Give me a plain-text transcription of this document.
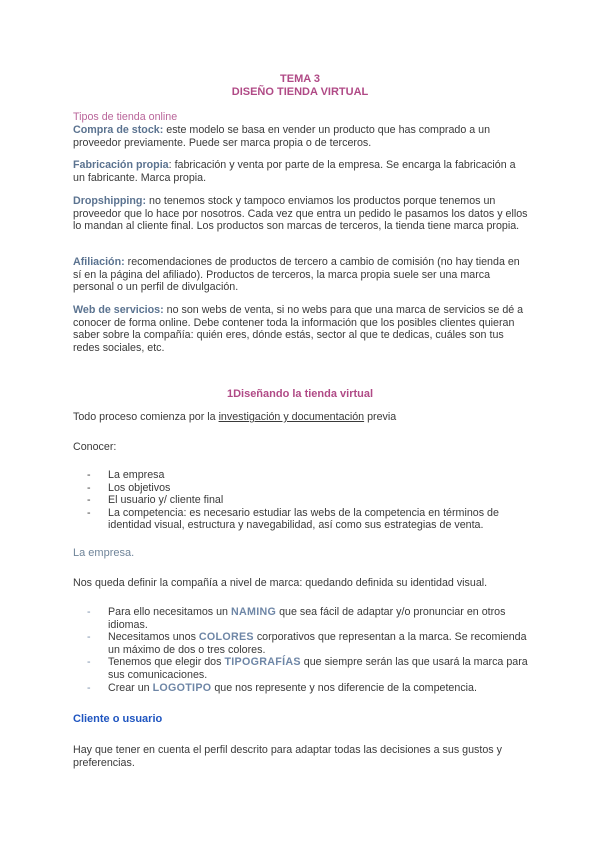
TEMA 3
DISEÑO TIENDA VIRTUAL
Tipos de tienda online
Compra de stock: este modelo se basa en vender un producto que has comprado a un proveedor previamente. Puede ser marca propia o de terceros.
Fabricación propia: fabricación y venta por parte de la empresa. Se encarga la fabricación a un fabricante. Marca propia.
Dropshipping: no tenemos stock y tampoco enviamos los productos porque tenemos un proveedor que lo hace por nosotros. Cada vez que entra un pedido le pasamos los datos y ellos lo mandan al cliente final. Los productos son marcas de terceros, la tienda tiene marca propia.
Afiliación: recomendaciones de productos de tercero a cambio de comisión (no hay tienda en sí en la página del afiliado). Productos de terceros, la marca propia suele ser una marca personal o un perfil de divulgación.
Web de servicios: no son webs de venta, si no webs para que una marca de servicios se dé a conocer de forma online. Debe contener toda la información que los posibles clientes quieran saber sobre la compañía: quién eres, dónde estás, sector al que te dedicas, cuáles son tus redes sociales, etc.
1Diseñando la tienda virtual
Todo proceso comienza por la investigación y documentación previa
Conocer:
- La empresa
- Los objetivos
- El usuario y/ cliente final
- La competencia: es necesario estudiar las webs de la competencia en términos de identidad visual, estructura y navegabilidad, así como sus estrategias de venta.
La empresa.
Nos queda definir la compañía a nivel de marca: quedando definida su identidad visual.
- Para ello necesitamos un NAMING que sea fácil de adaptar y/o pronunciar en otros idiomas.
- Necesitamos unos COLORES corporativos que representan a la marca. Se recomienda un máximo de dos o tres colores.
- Tenemos que elegir dos TIPOGRAFÍAS que siempre serán las que usará la marca para sus comunicaciones.
- Crear un LOGOTIPO que nos represente y nos diferencie de la competencia.
Cliente o usuario
Hay que tener en cuenta el perfil descrito para adaptar todas las decisiones a sus gustos y preferencias.
